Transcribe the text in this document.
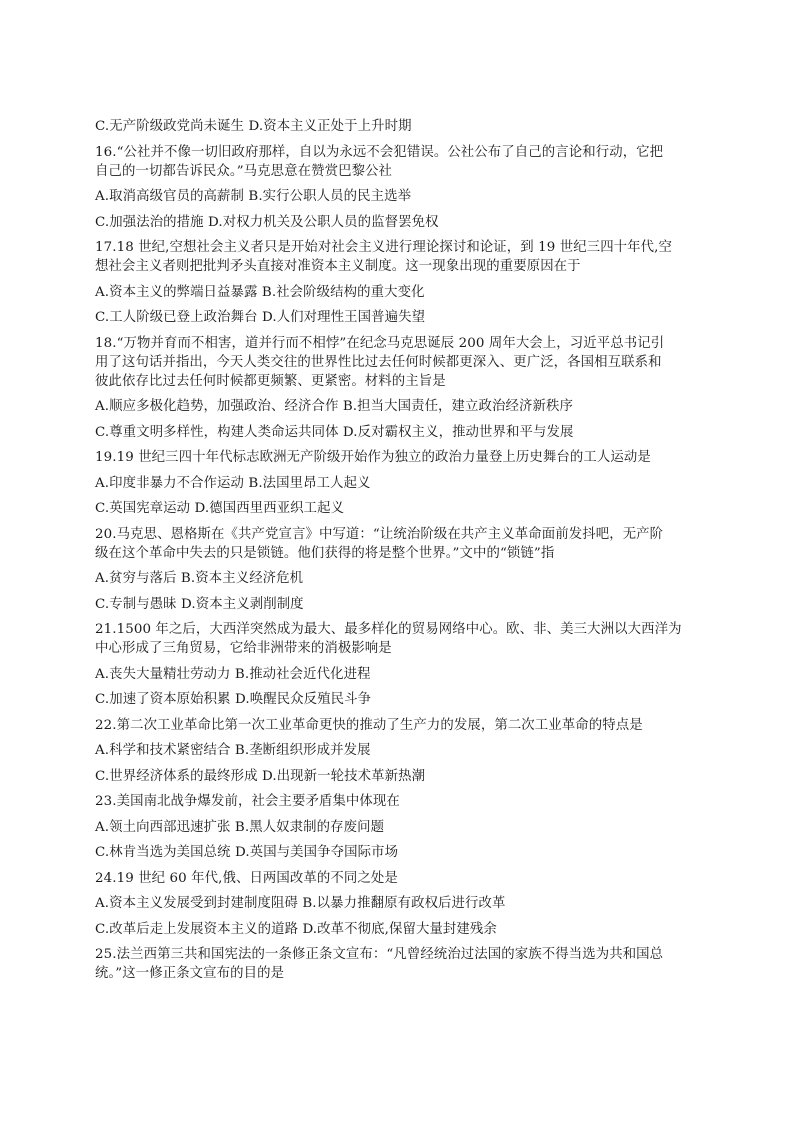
C.无产阶级政党尚未诞生 D.资本主义正处于上升时期
16.“公社并不像一切旧政府那样，自以为永远不会犯错误。公社公布了自己的言论和行动，它把
自己的一切都告诉民众。”马克思意在赞赏巴黎公社
A.取消高级官员的高薪制 B.实行公职人员的民主选举
C.加强法治的措施 D.对权力机关及公职人员的监督罢免权
17.18 世纪,空想社会主义者只是开始对社会主义进行理论探讨和论证，到 19 世纪三四十年代,空
想社会主义者则把批判矛头直接对准资本主义制度。这一现象出现的重要原因在于
A.资本主义的弊端日益暴露 B.社会阶级结构的重大变化
C.工人阶级已登上政治舞台 D.人们对理性王国普遍失望
18.“万物并育而不相害，道并行而不相悖”在纪念马克思诞辰 200 周年大会上，习近平总书记引
用了这句话并指出，今天人类交往的世界性比过去任何时候都更深入、更广泛，各国相互联系和
彼此依存比过去任何时候都更频繁、更紧密。材料的主旨是
A.顺应多极化趋势，加强政治、经济合作 B.担当大国责任，建立政治经济新秩序
C.尊重文明多样性，构建人类命运共同体 D.反对霸权主义，推动世界和平与发展
19.19 世纪三四十年代标志欧洲无产阶级开始作为独立的政治力量登上历史舞台的工人运动是
A.印度非暴力不合作运动 B.法国里昂工人起义
C.英国宪章运动 D.德国西里西亚织工起义
20.马克思、恩格斯在《共产党宣言》中写道：“让统治阶级在共产主义革命面前发抖吧，无产阶
级在这个革命中失去的只是锁链。他们获得的将是整个世界。”文中的“锁链”指
A.贫穷与落后 B.资本主义经济危机
C.专制与愚昧 D.资本主义剥削制度
21.1500 年之后，大西洋突然成为最大、最多样化的贸易网络中心。欧、非、美三大洲以大西洋为
中心形成了三角贸易，它给非洲带来的消极影响是
A.丧失大量精壮劳动力 B.推动社会近代化进程
C.加速了资本原始积累 D.唤醒民众反殖民斗争
22.第二次工业革命比第一次工业革命更快的推动了生产力的发展，第二次工业革命的特点是
A.科学和技术紧密结合 B.垄断组织形成并发展
C.世界经济体系的最终形成 D.出现新一轮技术革新热潮
23.美国南北战争爆发前，社会主要矛盾集中体现在
A.领土向西部迅速扩张 B.黑人奴隶制的存废问题
C.林肯当选为美国总统 D.英国与美国争夺国际市场
24.19 世纪 60 年代,俄、日两国改革的不同之处是
A.资本主义发展受到封建制度阻碍 B.以暴力推翻原有政权后进行改革
C.改革后走上发展资本主义的道路 D.改革不彻底,保留大量封建残余
25.法兰西第三共和国宪法的一条修正条文宣布：“凡曾经统治过法国的家族不得当选为共和国总
统。”这一修正条文宣布的目的是
